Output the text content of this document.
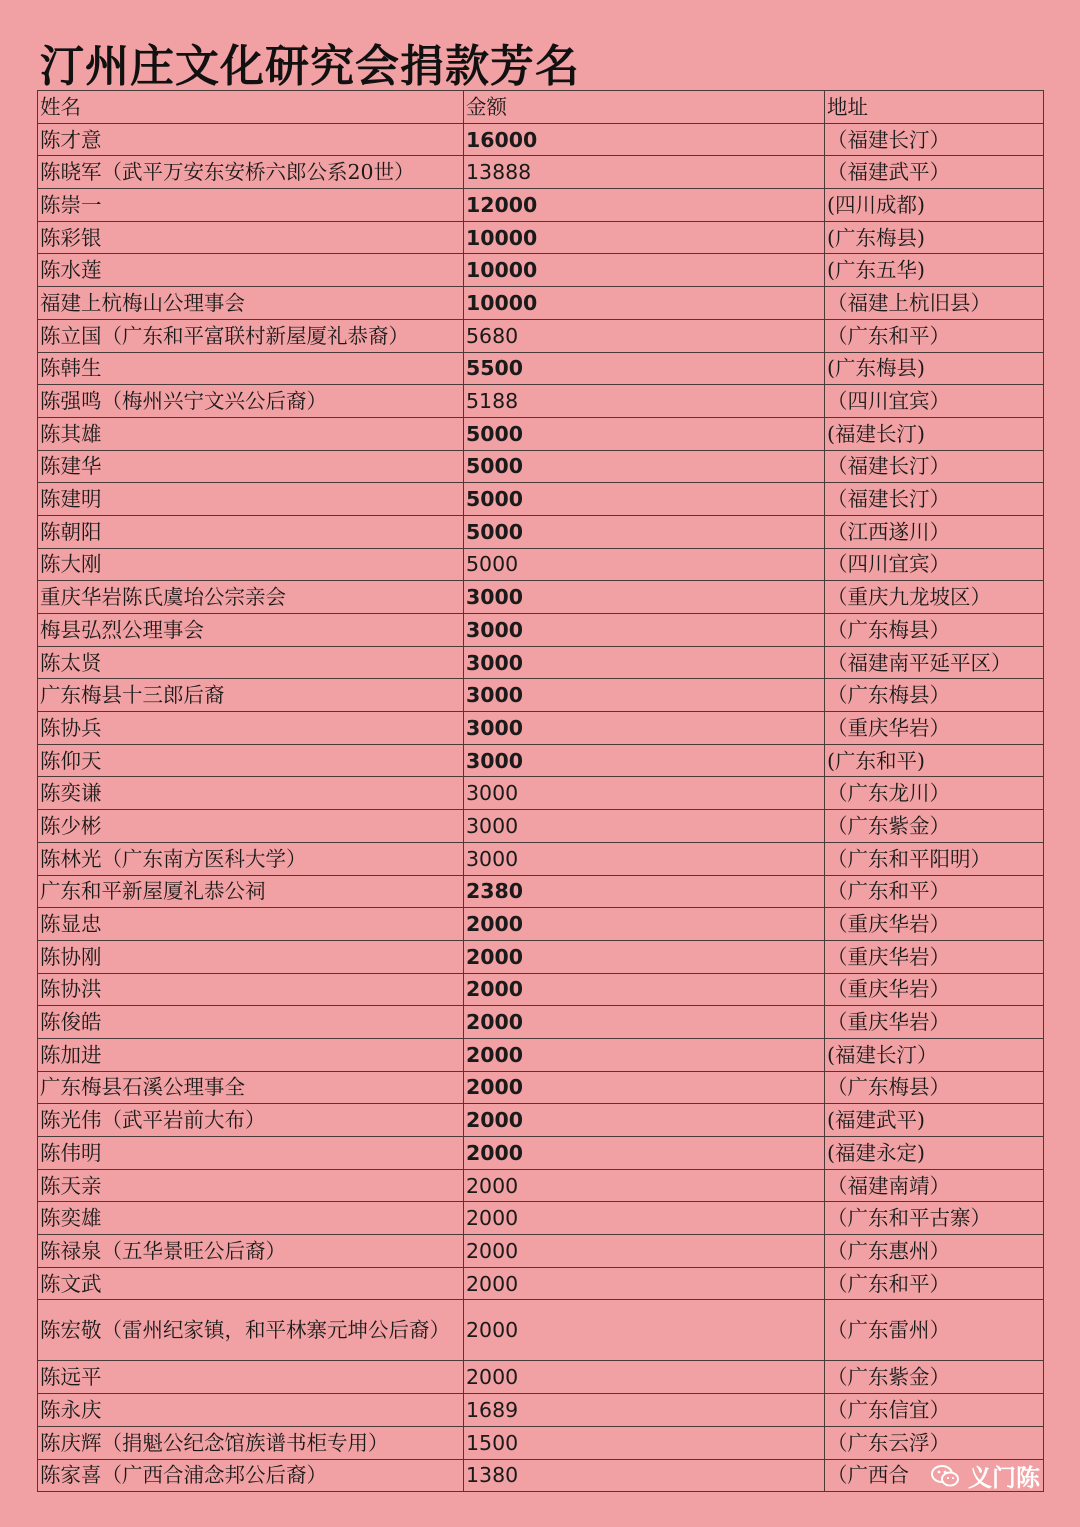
汀州庄文化研究会捐款芳名
姓名	金额	地址
陈才意	16000	（福建长汀）
陈晓军（武平万安东安桥六郎公系20世）	13888	（福建武平）
陈崇一	12000	(四川成都)
陈彩银	10000	(广东梅县)
陈水莲	10000	(广东五华)
福建上杭梅山公理事会	10000	（福建上杭旧县）
陈立国（广东和平富联村新屋厦礼恭裔）	5680	（广东和平）
陈韩生	5500	(广东梅县)
陈强鸣（梅州兴宁文兴公后裔）	5188	（四川宜宾）
陈其雄	5000	(福建长汀)
陈建华	5000	（福建长汀）
陈建明	5000	（福建长汀）
陈朝阳	5000	（江西遂川）
陈大刚	5000	（四川宜宾）
重庆华岩陈氏虞坮公宗亲会	3000	（重庆九龙坡区）
梅县弘烈公理事会	3000	（广东梅县）
陈太贤	3000	（福建南平延平区）
广东梅县十三郎后裔	3000	（广东梅县）
陈协兵	3000	（重庆华岩）
陈仰天	3000	(广东和平)
陈奕谦	3000	（广东龙川）
陈少彬	3000	（广东紫金）
陈林光（广东南方医科大学）	3000	（广东和平阳明）
广东和平新屋厦礼恭公祠	2380	（广东和平）
陈显忠	2000	（重庆华岩）
陈协刚	2000	（重庆华岩）
陈协洪	2000	（重庆华岩）
陈俊皓	2000	（重庆华岩）
陈加进	2000	(福建长汀）
广东梅县石溪公理事全	2000	（广东梅县）
陈光伟（武平岩前大布）	2000	(福建武平)
陈伟明	2000	(福建永定)
陈天亲	2000	（福建南靖）
陈奕雄	2000	（广东和平古寨）
陈禄泉（五华景旺公后裔）	2000	（广东惠州）
陈文武	2000	（广东和平）
陈宏敬（雷州纪家镇，和平林寨元坤公后裔）	2000	（广东雷州）
陈远平	2000	（广东紫金）
陈永庆	1689	（广东信宜）
陈庆辉（捐魁公纪念馆族谱书柜专用）	1500	（广东云浮）
陈家喜（广西合浦念邦公后裔）	1380	（广西合 义门陈
